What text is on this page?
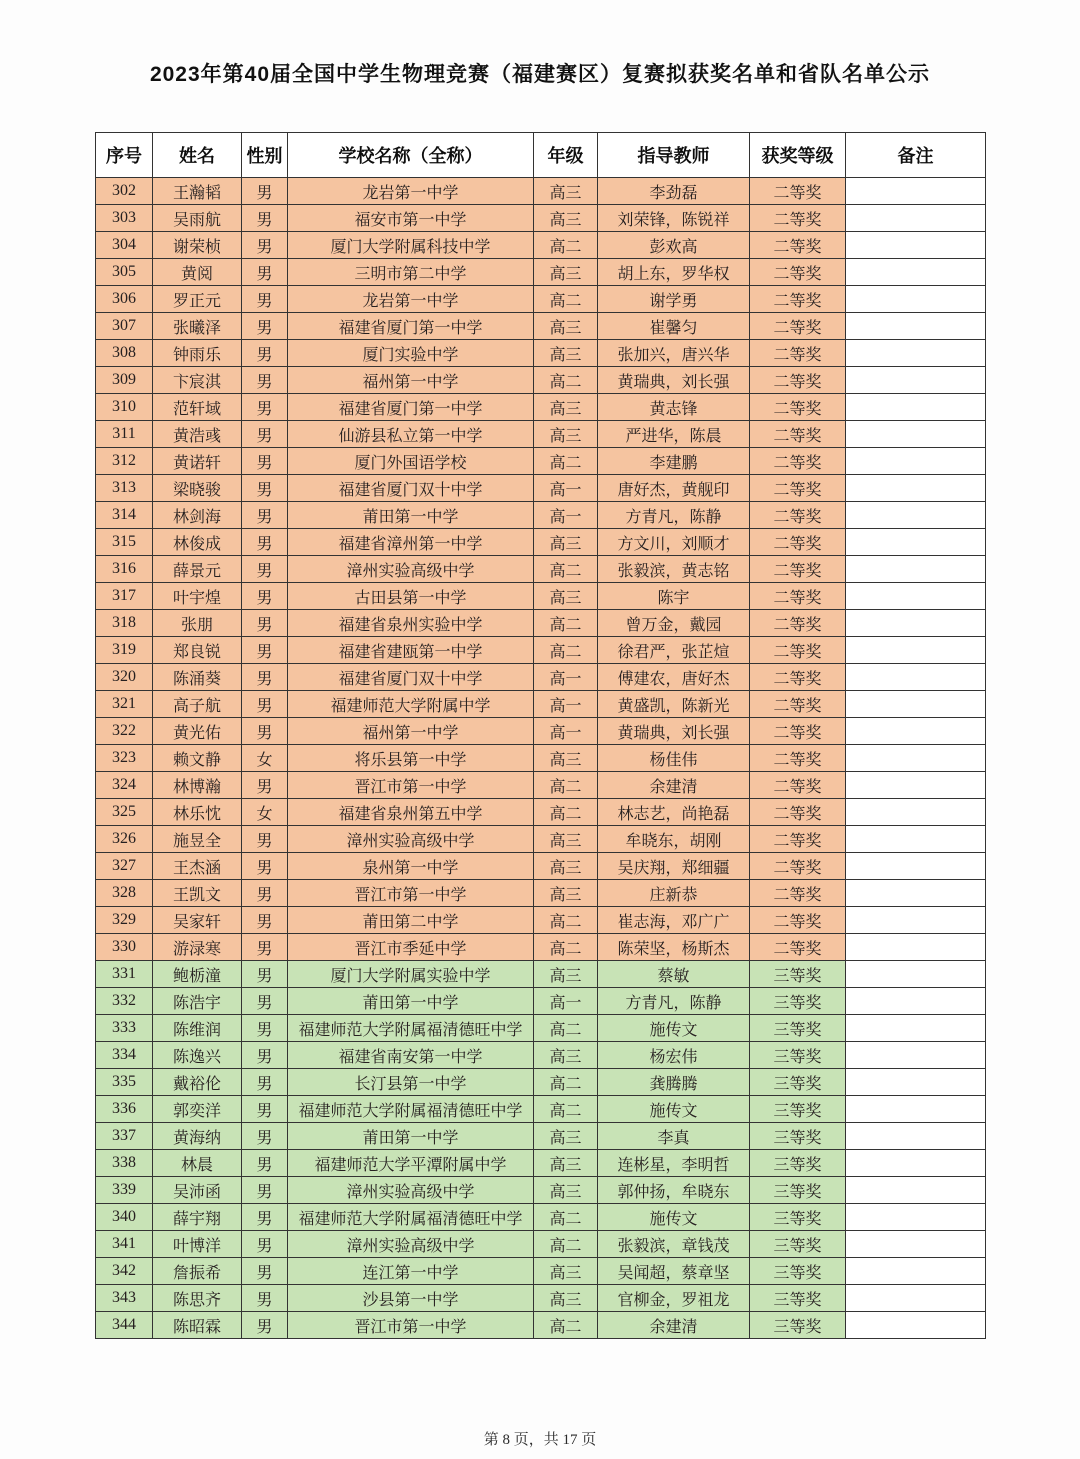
2023年第40届全国中学生物理竞赛（福建赛区）复赛拟获奖名单和省队名单公示
序号	姓名	性别	学校名称（全称）	年级	指导教师	获奖等级	备注
302	王瀚韬	男	龙岩第一中学	高三	李劲磊	二等奖	
303	吴雨航	男	福安市第一中学	高三	刘荣锋，陈锐祥	二等奖	
304	谢荣桢	男	厦门大学附属科技中学	高二	彭欢高	二等奖	
305	黄阅	男	三明市第二中学	高三	胡上东，罗华权	二等奖	
306	罗正元	男	龙岩第一中学	高二	谢学勇	二等奖	
307	张曦泽	男	福建省厦门第一中学	高三	崔馨匀	二等奖	
308	钟雨乐	男	厦门实验中学	高三	张加兴，唐兴华	二等奖	
309	卞宸淇	男	福州第一中学	高二	黄瑞典，刘长强	二等奖	
310	范轩域	男	福建省厦门第一中学	高三	黄志锋	二等奖	
311	黄浩彧	男	仙游县私立第一中学	高三	严进华，陈晨	二等奖	
312	黄诺轩	男	厦门外国语学校	高二	李建鹏	二等奖	
313	梁晓骏	男	福建省厦门双十中学	高一	唐好杰，黄舰印	二等奖	
314	林剑海	男	莆田第一中学	高一	方青凡，陈静	二等奖	
315	林俊成	男	福建省漳州第一中学	高三	方文川，刘顺才	二等奖	
316	薛景元	男	漳州实验高级中学	高二	张毅滨，黄志铭	二等奖	
317	叶宇煌	男	古田县第一中学	高三	陈宇	二等奖	
318	张朋	男	福建省泉州实验中学	高二	曾万金，戴园	二等奖	
319	郑良锐	男	福建省建瓯第一中学	高二	徐君严，张芷煊	二等奖	
320	陈涌葵	男	福建省厦门双十中学	高一	傅建农，唐好杰	二等奖	
321	高子航	男	福建师范大学附属中学	高一	黄盛凯，陈新光	二等奖	
322	黄光佑	男	福州第一中学	高一	黄瑞典，刘长强	二等奖	
323	赖文静	女	将乐县第一中学	高三	杨佳伟	二等奖	
324	林博瀚	男	晋江市第一中学	高二	余建清	二等奖	
325	林乐忱	女	福建省泉州第五中学	高二	林志艺，尚艳磊	二等奖	
326	施昱全	男	漳州实验高级中学	高三	牟晓东，胡刚	二等奖	
327	王杰涵	男	泉州第一中学	高三	吴庆翔，郑细疆	二等奖	
328	王凯文	男	晋江市第一中学	高三	庄新恭	二等奖	
329	吴家轩	男	莆田第二中学	高二	崔志海，邓广广	二等奖	
330	游渌寒	男	晋江市季延中学	高二	陈荣坚，杨斯杰	二等奖	
331	鲍栃潼	男	厦门大学附属实验中学	高三	蔡敏	三等奖	
332	陈浩宇	男	莆田第一中学	高一	方青凡，陈静	三等奖	
333	陈维润	男	福建师范大学附属福清德旺中学	高二	施传文	三等奖	
334	陈逸兴	男	福建省南安第一中学	高三	杨宏伟	三等奖	
335	戴裕伦	男	长汀县第一中学	高二	龚腾腾	三等奖	
336	郭奕洋	男	福建师范大学附属福清德旺中学	高二	施传文	三等奖	
337	黄海纳	男	莆田第一中学	高三	李真	三等奖	
338	林晨	男	福建师范大学平潭附属中学	高三	连彬星，李明哲	三等奖	
339	吴沛函	男	漳州实验高级中学	高三	郭仲扬，牟晓东	三等奖	
340	薛宇翔	男	福建师范大学附属福清德旺中学	高二	施传文	三等奖	
341	叶博洋	男	漳州实验高级中学	高二	张毅滨，章钱茂	三等奖	
342	詹振希	男	连江第一中学	高三	吴闻超，蔡章坚	三等奖	
343	陈思齐	男	沙县第一中学	高三	官柳金，罗祖龙	三等奖	
344	陈昭霖	男	晋江市第一中学	高二	余建清	三等奖	
第 8 页，共 17 页
